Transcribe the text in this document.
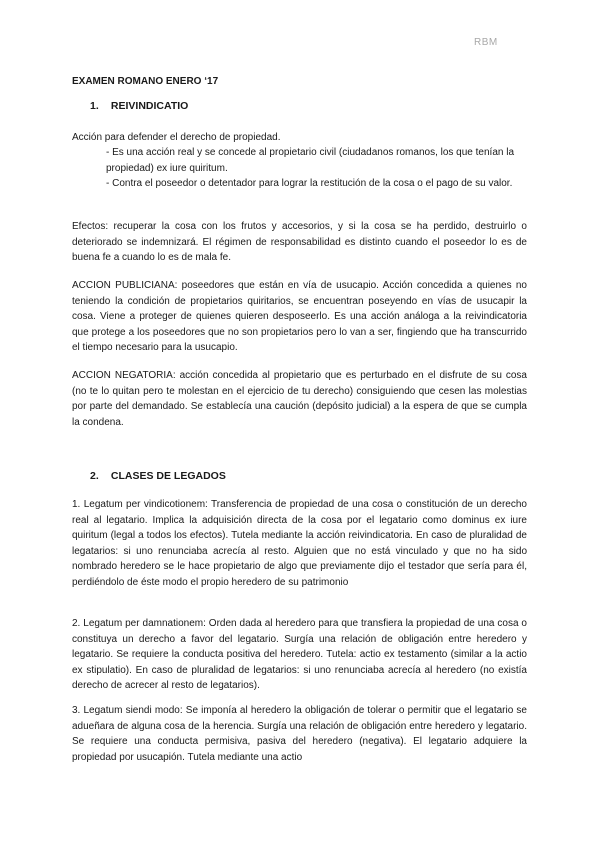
RBM
EXAMEN ROMANO ENERO ‘17
1. REIVINDICATIO

Acción para defender el derecho de propiedad.

- Es una acción real y se concede al propietario civil (ciudadanos romanos, los que tenían la propiedad) ex iure quiritum.
- Contra el poseedor o detentador para lograr la restitución de la cosa o el pago de su valor.

Efectos: recuperar la cosa con los frutos y accesorios, y si la cosa se ha perdido, destruirlo o deteriorado se indemnizará. El régimen de responsabilidad es distinto cuando el poseedor lo es de buena fe a cuando lo es de mala fe.

ACCION PUBLICIANA: poseedores que están en vía de usucapio. Acción concedida a quienes no teniendo la condición de propietarios quiritarios, se encuentran poseyendo en vías de usucapir la cosa. Viene a proteger de quienes quieren desposeerlo. Es una acción análoga a la reivindicatoria que protege a los poseedores que no son propietarios pero lo van a ser, fingiendo que ha transcurrido el tiempo necesario para la usucapio.

ACCION NEGATORIA: acción concedida al propietario que es perturbado en el disfrute de su cosa (no te lo quitan pero te molestan en el ejercicio de tu derecho) consiguiendo que cesen las molestias por parte del demandado. Se establecía una caución (depósito judicial) a la espera de que se cumpla la condena.

2. CLASES DE LEGADOS

1. Legatum per vindicotionem: Transferencia de propiedad de una cosa o constitución de un derecho real al legatario. Implica la adquisición directa de la cosa por el legatario como dominus ex iure quiritum (legal a todos los efectos). Tutela mediante la acción reivindicatoria. En caso de pluralidad de legatarios: si uno renunciaba acrecía al resto. Alguien que no está vinculado y que no ha sido nombrado heredero se le hace propietario de algo que previamente dijo el testador que sería para él, perdiéndolo de éste modo el propio heredero de su patrimonio

2. Legatum per damnationem: Orden dada al heredero para que transfiera la propiedad de una cosa o constituya un derecho a favor del legatario. Surgía una relación de obligación entre heredero y legatario. Se requiere la conducta positiva del heredero. Tutela: actio ex testamento (similar a la actio ex stipulatio). En caso de pluralidad de legatarios: si uno renunciaba acrecía al heredero (no existía derecho de acrecer al resto de legatarios).

3. Legatum siendi modo: Se imponía al heredero la obligación de tolerar o permitir que el legatario se adueñara de alguna cosa de la herencia. Surgía una relación de obligación entre heredero y legatario. Se requiere una conducta permisiva, pasiva del heredero (negativa). El legatario adquiere la propiedad por usucapión. Tutela mediante una actio
